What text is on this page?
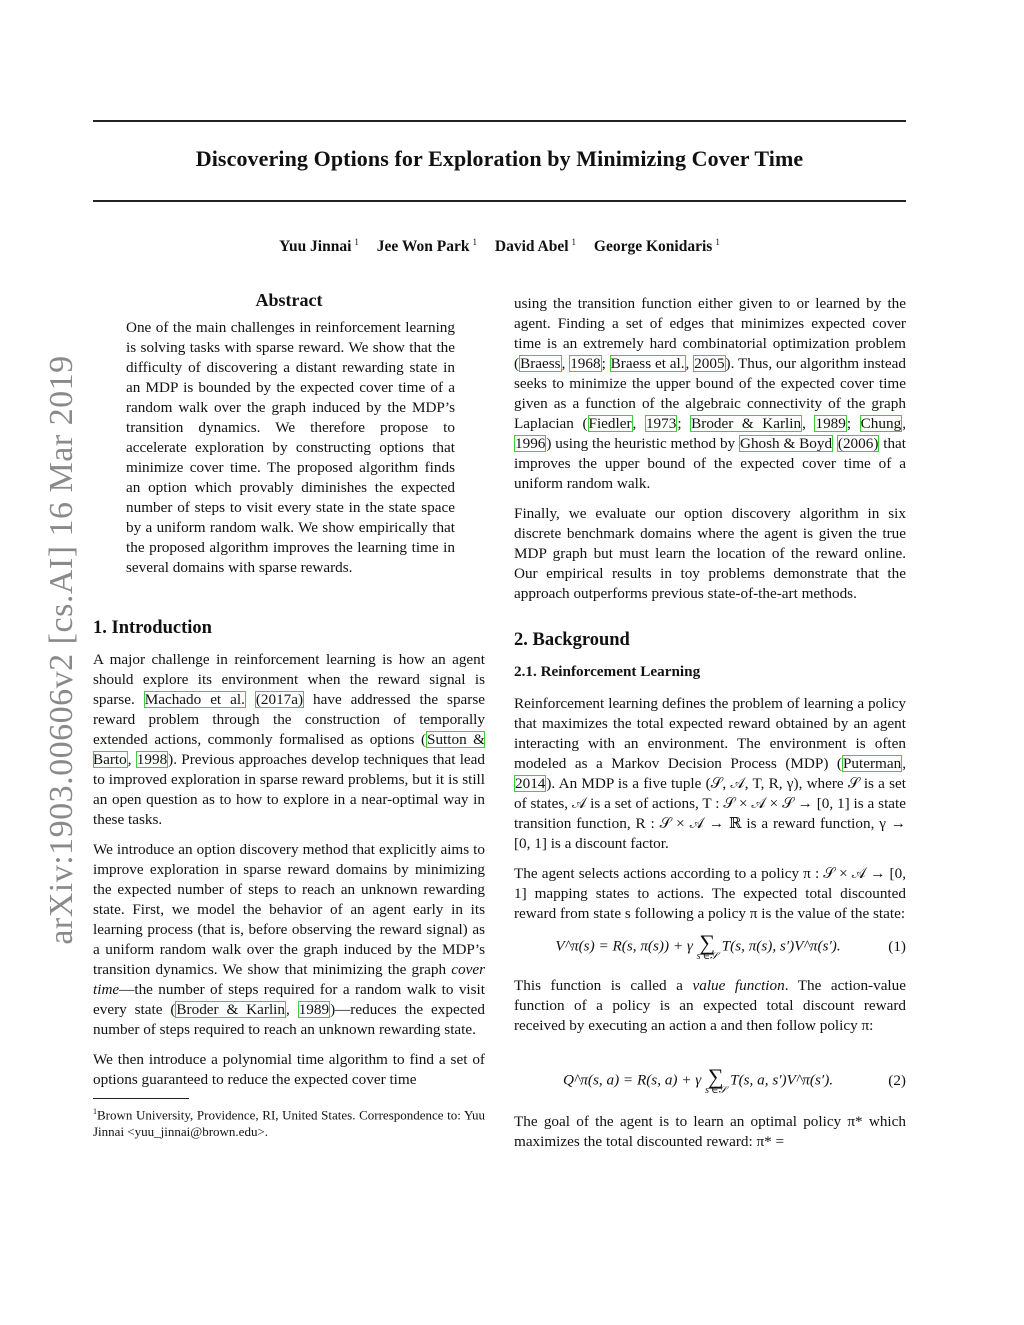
Discovering Options for Exploration by Minimizing Cover Time
Yuu Jinnai $^1$ Jee Won Park $^1$ David Abel $^1$ George Konidaris $^1$
arXiv:1903.00606v2 [cs.AI] 16 Mar 2019
Abstract

One of the main challenges in reinforcement learning is solving tasks with sparse reward. We show that the difficulty of discovering a distant rewarding state in an MDP is bounded by the expected cover time of a random walk over the graph induced by the MDP’s transition dynamics. We therefore propose to accelerate exploration by constructing options that minimize cover time. The proposed algorithm finds an option which provably diminishes the expected number of steps to visit every state in the state space by a uniform random walk. We show empirically that the proposed algorithm improves the learning time in several domains with sparse rewards.

1. Introduction

A major challenge in reinforcement learning is how an agent should explore its environment when the reward signal is sparse. Machado et al. (2017a) have addressed the sparse reward problem through the construction of temporally extended actions, commonly formalised as options (Sutton & Barto, 1998). Previous approaches develop techniques that lead to improved exploration in sparse reward problems, but it is still an open question as to how to explore in a near-optimal way in these tasks.

We introduce an option discovery method that explicitly aims to improve exploration in sparse reward domains by minimizing the expected number of steps to reach an unknown rewarding state. First, we model the behavior of an agent early in its learning process (that is, before observing the reward signal) as a uniform random walk over the graph induced by the MDP’s transition dynamics. We show that minimizing the graph cover time—the number of steps required for a random walk to visit every state (Broder & Karlin, 1989)—reduces the expected number of steps required to reach an unknown rewarding state.

We then introduce a polynomial time algorithm to find a set of options guaranteed to reduce the expected cover time

$^1$Brown University, Providence, RI, United States. Correspondence to: Yuu Jinnai <yuu_jinnai@brown.edu>.

using the transition function either given to or learned by the agent. Finding a set of edges that minimizes expected cover time is an extremely hard combinatorial optimization problem (Braess, 1968; Braess et al., 2005). Thus, our algorithm instead seeks to minimize the upper bound of the expected cover time given as a function of the algebraic connectivity of the graph Laplacian (Fiedler, 1973; Broder & Karlin, 1989; Chung, 1996) using the heuristic method by Ghosh & Boyd (2006) that improves the upper bound of the expected cover time of a uniform random walk.

Finally, we evaluate our option discovery algorithm in six discrete benchmark domains where the agent is given the true MDP graph but must learn the location of the reward online. Our empirical results in toy problems demonstrate that the approach outperforms previous state-of-the-art methods.

2. Background
2.1. Reinforcement Learning

Reinforcement learning defines the problem of learning a policy that maximizes the total expected reward obtained by an agent interacting with an environment. The environment is often modeled as a Markov Decision Process (MDP) (Puterman, 2014). An MDP is a five tuple (𝒮, 𝒜, T, R, γ), where 𝒮 is a set of states, 𝒜 is a set of actions, T : 𝒮 × 𝒜 × 𝒮 → [0, 1] is a state transition function, R : 𝒮 × 𝒜 → ℝ is a reward function, γ → [0, 1] is a discount factor.

The agent selects actions according to a policy π : 𝒮 × 𝒜 → [0, 1] mapping states to actions. The expected total discounted reward from state s following a policy π is the value of the state:

V^π(s) = R(s, π(s)) + γ ∑
s′∈𝒮
T(s, π(s), s′)V^π(s′).	(1)

This function is called a value function. The action-value function of a policy is an expected total discount reward received by executing an action a and then follow policy π:

Q^π(s, a) = R(s, a) + γ ∑
s′∈𝒮
T(s, a, s′)V^π(s′).	(2)

The goal of the agent is to learn an optimal policy π* which maximizes the total discounted reward: π* =
